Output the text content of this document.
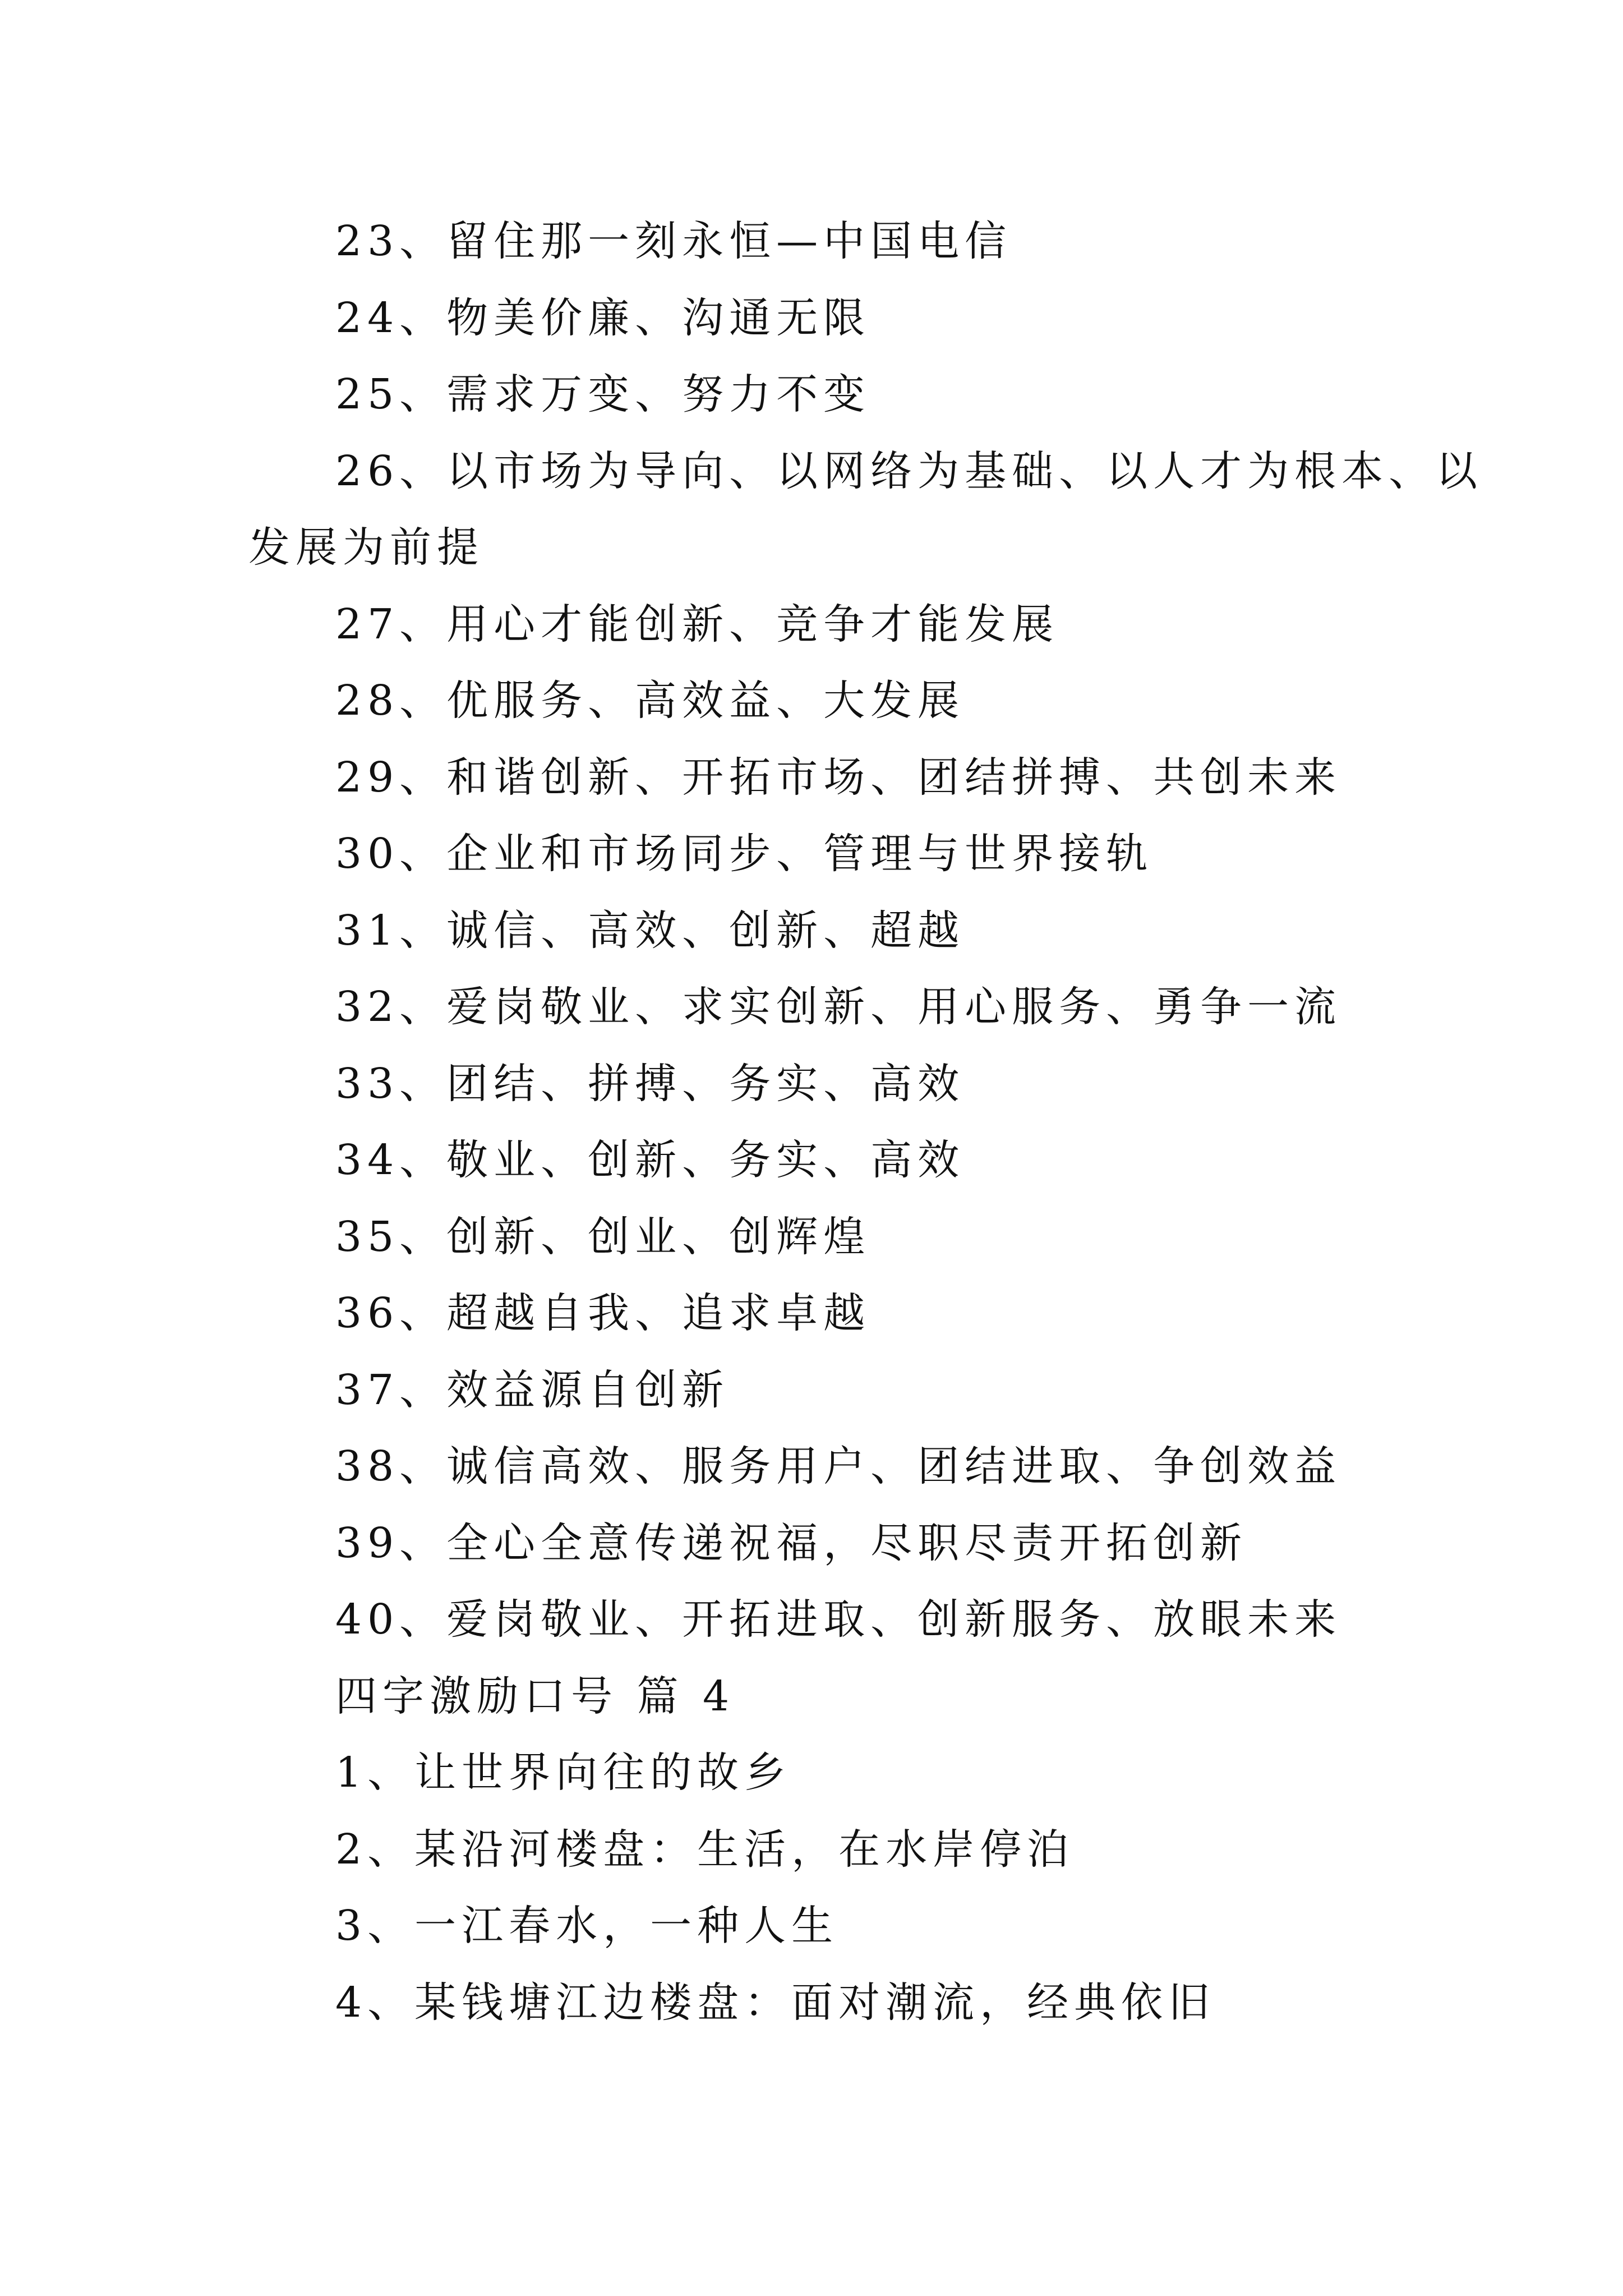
23、留住那一刻永恒—中国电信
24、物美价廉、沟通无限
25、需求万变、努力不变
26、以市场为导向、以网络为基础、以人才为根本、以
发展为前提
27、用心才能创新、竞争才能发展
28、优服务、高效益、大发展
29、和谐创新、开拓市场、团结拼搏、共创未来
30、企业和市场同步、管理与世界接轨
31、诚信、高效、创新、超越
32、爱岗敬业、求实创新、用心服务、勇争一流
33、团结、拼搏、务实、高效
34、敬业、创新、务实、高效
35、创新、创业、创辉煌
36、超越自我、追求卓越
37、效益源自创新
38、诚信高效、服务用户、团结进取、争创效益
39、全心全意传递祝福，尽职尽责开拓创新
40、爱岗敬业、开拓进取、创新服务、放眼未来
四字激励口号 篇 4
1、让世界向往的故乡
2、某沿河楼盘：生活，在水岸停泊
3、一江春水，一种人生
4、某钱塘江边楼盘：面对潮流，经典依旧
